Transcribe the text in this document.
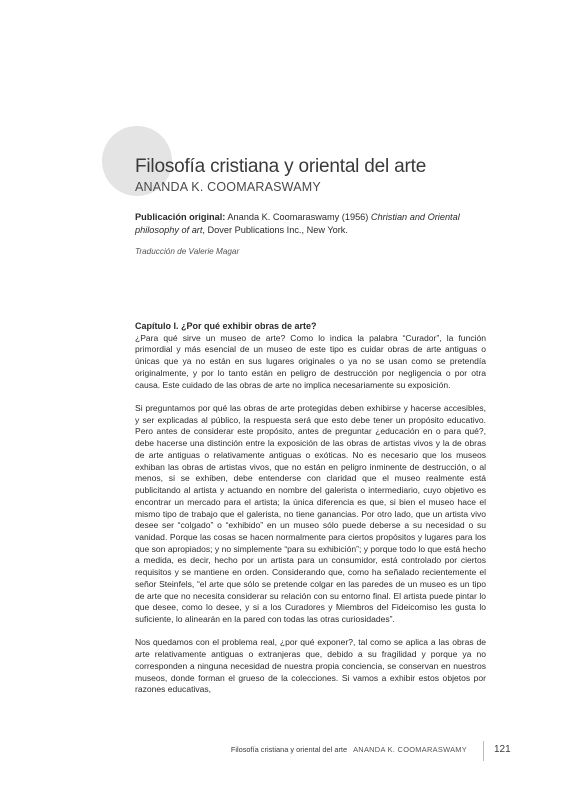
Filosofía cristiana y oriental del arte
ANANDA K. COOMARASWAMY
Publicación original: Ananda K. Coomaraswamy (1956) Christian and Oriental philosophy of art, Dover Publications Inc., New York.
Traducción de Valerie Magar
Capítulo I. ¿Por qué exhibir obras de arte?

¿Para qué sirve un museo de arte? Como lo indica la palabra “Curador”, la función primordial y más esencial de un museo de este tipo es cuidar obras de arte antiguas o únicas que ya no están en sus lugares originales o ya no se usan como se pretendía originalmente, y por lo tanto están en peligro de destrucción por negligencia o por otra causa. Este cuidado de las obras de arte no implica necesariamente su exposición.

Si preguntamos por qué las obras de arte protegidas deben exhibirse y hacerse accesibles, y ser explicadas al público, la respuesta será que esto debe tener un propósito educativo. Pero antes de considerar este propósito, antes de preguntar ¿educación en o para qué?, debe hacerse una distinción entre la exposición de las obras de artistas vivos y la de obras de arte antiguas o relativamente antiguas o exóticas. No es necesario que los museos exhiban las obras de artistas vivos, que no están en peligro inminente de destrucción, o al menos, si se exhiben, debe entenderse con claridad que el museo realmente está publicitando al artista y actuando en nombre del galerista o intermediario, cuyo objetivo es encontrar un mercado para el artista; la única diferencia es que, si bien el museo hace el mismo tipo de trabajo que el galerista, no tiene ganancias. Por otro lado, que un artista vivo desee ser “colgado” o “exhibido” en un museo sólo puede deberse a su necesidad o su vanidad. Porque las cosas se hacen normalmente para ciertos propósitos y lugares para los que son apropiados; y no simplemente “para su exhibición”; y porque todo lo que está hecho a medida, es decir, hecho por un artista para un consumidor, está controlado por ciertos requisitos y se mantiene en orden. Considerando que, como ha señalado recientemente el señor Steinfels, “el arte que sólo se pretende colgar en las paredes de un museo es un tipo de arte que no necesita considerar su relación con su entorno final. El artista puede pintar lo que desee, como lo desee, y si a los Curadores y Miembros del Fideicomiso les gusta lo suficiente, lo alinearán en la pared con todas las otras curiosidades”.

Nos quedamos con el problema real, ¿por qué exponer?, tal como se aplica a las obras de arte relativamente antiguas o extranjeras que, debido a su fragilidad y porque ya no corresponden a ninguna necesidad de nuestra propia conciencia, se conservan en nuestros museos, donde forman el grueso de la colecciones. Si vamos a exhibir estos objetos por razones educativas,

Filosofía cristiana y oriental del arte ANANDA K. COOMARASWAMY	121
